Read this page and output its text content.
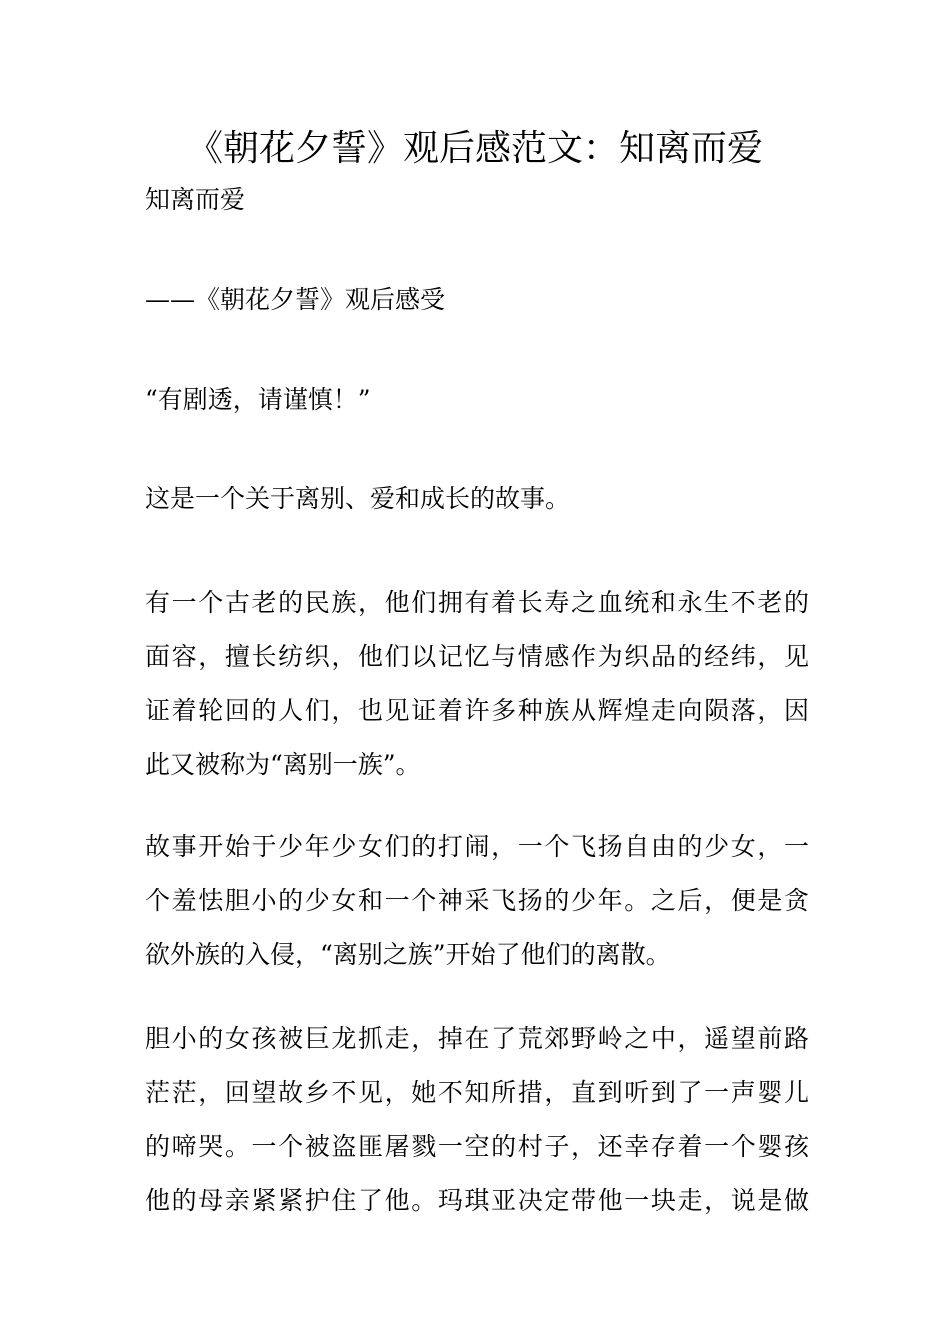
《朝花夕誓》观后感范文：知离而爱
知离而爱
——《朝花夕誓》观后感受
“有剧透，请谨慎！”
这是一个关于离别、爱和成长的故事。

有一个古老的民族，他们拥有着长寿之血统和永生不老的
面容，擅长纺织，他们以记忆与情感作为织品的经纬，见
证着轮回的人们，也见证着许多种族从辉煌走向陨落，因
此又被称为“离别一族”。

故事开始于少年少女们的打闹，一个飞扬自由的少女，一
个羞怯胆小的少女和一个神采飞扬的少年。之后，便是贪
欲外族的入侵，“离别之族”开始了他们的离散。

胆小的女孩被巨龙抓走，掉在了荒郊野岭之中，遥望前路
茫茫，回望故乡不见，她不知所措，直到听到了一声婴儿
的啼哭。一个被盗匪屠戮一空的村子，还幸存着一个婴孩
他的母亲紧紧护住了他。玛琪亚决定带他一块走，说是做
